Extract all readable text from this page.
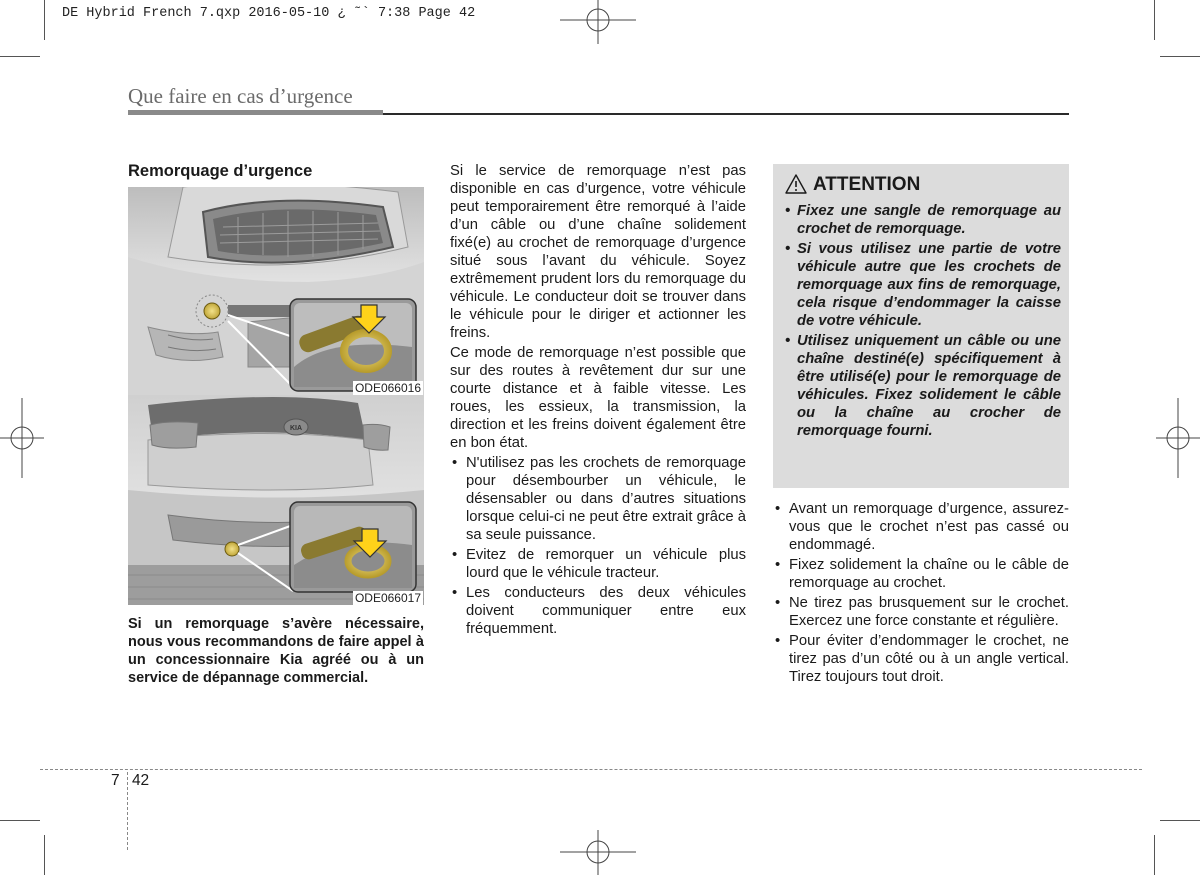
DE Hybrid French 7.qxp 2016-05-10 ¿ ˜` 7:38 Page 42
Que faire en cas d’urgence
Remorquage d’urgence
ODE066016
KIA
ODE066017
Si un remorquage s’avère nécessaire, nous vous recommandons de faire appel à un concessionnaire Kia agréé ou à un service de dépannage commercial.

Si le service de remorquage n’est pas disponible en cas d’urgence, votre véhicule peut temporairement être remorqué à l’aide d’un câble ou d’une chaîne solidement fixé(e) au crochet de remorquage d’urgence situé sous l’avant du véhicule. Soyez extrêmement prudent lors du remorquage du véhicule. Le conducteur doit se trouver dans le véhicule pour le diriger et actionner les freins.

Ce mode de remorquage n’est possible que sur des routes à revêtement dur sur une courte distance et à faible vitesse. Les roues, les essieux, la transmission, la direction et les freins doivent également être en bon état.

• N'utilisez pas les crochets de remorquage pour désembourber un véhicule, le désensabler ou dans d’autres situations lorsque celui-ci ne peut être extrait grâce à sa seule puissance.
• Evitez de remorquer un véhicule plus lourd que le véhicule tracteur.
• Les conducteurs des deux véhicules doivent communiquer entre eux fréquemment.
ATTENTION
• Fixez une sangle de remorquage au crochet de remorquage.
• Si vous utilisez une partie de votre véhicule autre que les crochets de remorquage aux fins de remorquage, cela risque d’endommager la caisse de votre véhicule.
• Utilisez uniquement un câble ou une chaîne destiné(e) spécifiquement à être utilisé(e) pour le remorquage de véhicules. Fixez solidement le câble ou la chaîne au crocher de remorquage fourni.
• Avant un remorquage d’urgence, assurez-vous que le crochet n’est pas cassé ou endommagé.
• Fixez solidement la chaîne ou le câble de remorquage au crochet.
• Ne tirez pas brusquement sur le crochet. Exercez une force constante et régulière.
• Pour éviter d’endommager le crochet, ne tirez pas d’un côté ou à un angle vertical. Tirez toujours tout droit.
7 42
